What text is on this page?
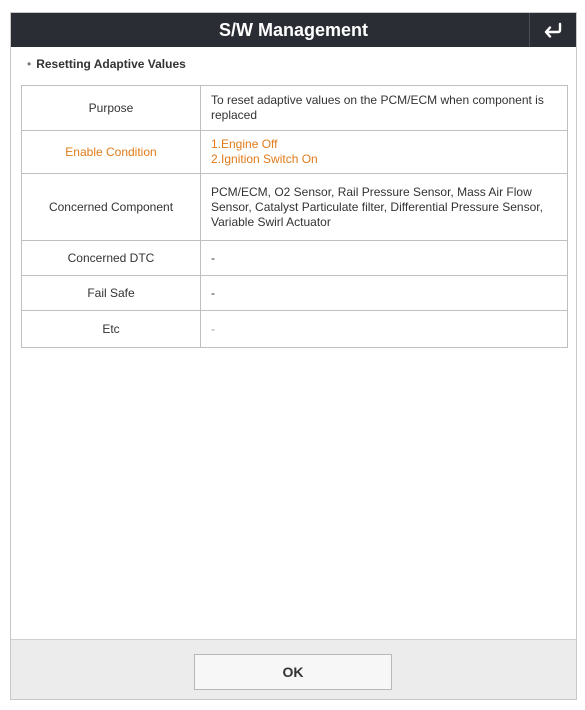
S/W Management
• Resetting Adaptive Values
Purpose	To reset adaptive values on the PCM/ECM when component is replaced
Enable Condition	1.Engine Off
2.Ignition Switch On

Concerned Component	PCM/ECM, O2 Sensor, Rail Pressure Sensor, Mass Air Flow Sensor, Catalyst Particulate filter, Differential Pressure Sensor, Variable Swirl Actuator
Concerned DTC	-
Fail Safe	-
Etc	-
OK
